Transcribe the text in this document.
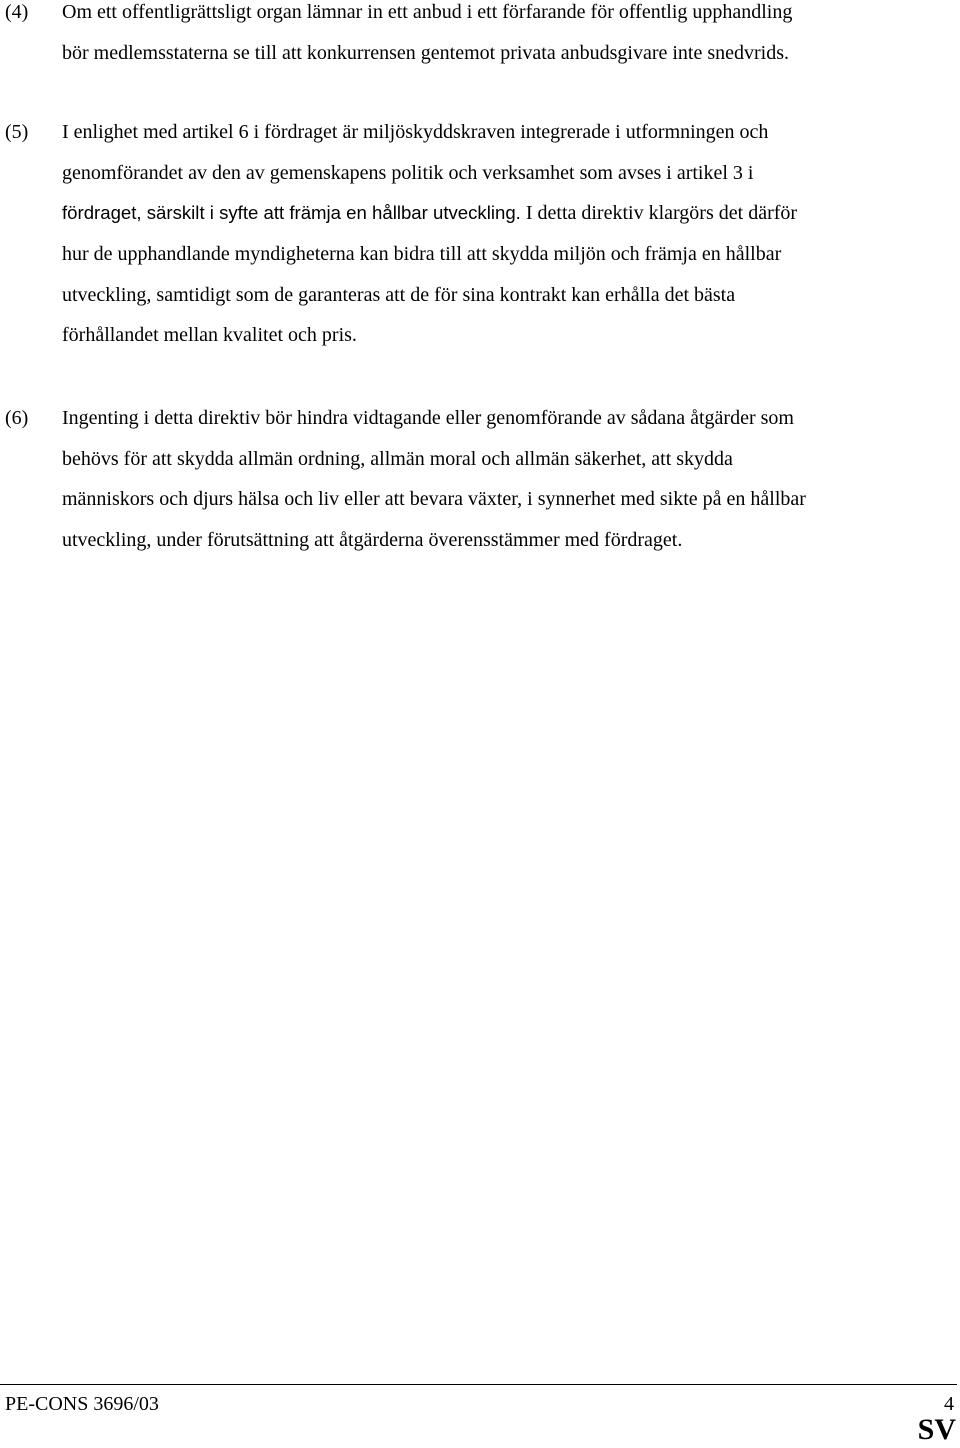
(4) Om ett offentligrättsligt organ lämnar in ett anbud i ett förfarande för offentlig upphandling
bör medlemsstaterna se till att konkurrensen gentemot privata anbudsgivare inte snedvrids.
(5) I enlighet med artikel 6 i fördraget är miljöskyddskraven integrerade i utformningen och
genomförandet av den av gemenskapens politik och verksamhet som avses i artikel 3 i
fördraget, särskilt i syfte att främja en hållbar utveckling. I detta direktiv klargörs det därför
hur de upphandlande myndigheterna kan bidra till att skydda miljön och främja en hållbar
utveckling, samtidigt som de garanteras att de för sina kontrakt kan erhålla det bästa
förhållandet mellan kvalitet och pris.
(6) Ingenting i detta direktiv bör hindra vidtagande eller genomförande av sådana åtgärder som
behövs för att skydda allmän ordning, allmän moral och allmän säkerhet, att skydda
människors och djurs hälsa och liv eller att bevara växter, i synnerhet med sikte på en hållbar
utveckling, under förutsättning att åtgärderna överensstämmer med fördraget.
PE-CONS 3696/03	4
SV
